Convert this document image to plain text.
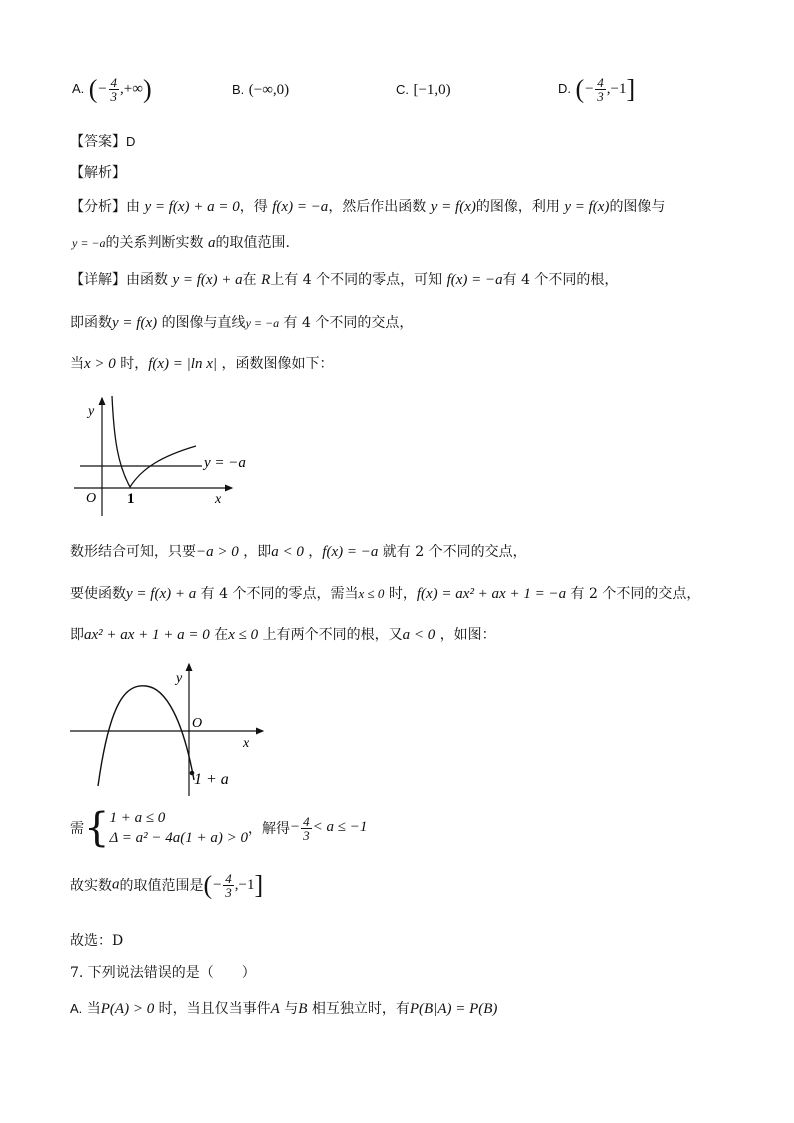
A. (− $\frac{4}{3}$ ,+∞)	B. (−∞,0)	C. [−1,0)	D. (− $\frac{4}{3} ,-1$]
【答案】D
【解析】
【分析】由 y = f(x) + a = 0，得 f(x) = −a，然后作出函数 y = f(x)的图像，利用 y = f(x)的图像与
y = −a的关系判断实数 a的取值范围.
【详解】由函数 y = f(x) + a在 R上有 4 个不同的零点，可知 f(x) = −a有 4 个不同的根，
即函数y = f(x) 的图像与直线y = −a 有 4 个不同的交点，
当x > 0 时，f(x) = |ln x| ，函数图像如下：
y
O 1	x
y = −a
数形结合可知，只要−a > 0 ，即a < 0 ，f(x) = −a 就有 2 个不同的交点，
要使函数y = f(x) + a 有 4 个不同的零点，需当x ≤ 0 时，f(x) = ax² + ax + 1 = −a 有 2 个不同的交点，
即ax² + ax + 1 + a = 0 在x ≤ 0 上有两个不同的根，又a < 0 ，如图：
y
O
x
1 + a
需{ 1 + a ≤ 0
Δ = a² − 4a(1 + a) > 0
，解得− $\frac{4}{3} < a \le -1$
故实数a的取值范围是(− $\frac{4}{3} ,-1$]
故选：D
7. 下列说法错误的是（　　）
A. 当P(A) > 0 时，当且仅当事件A 与B 相互独立时，有P(B|A) = P(B)
